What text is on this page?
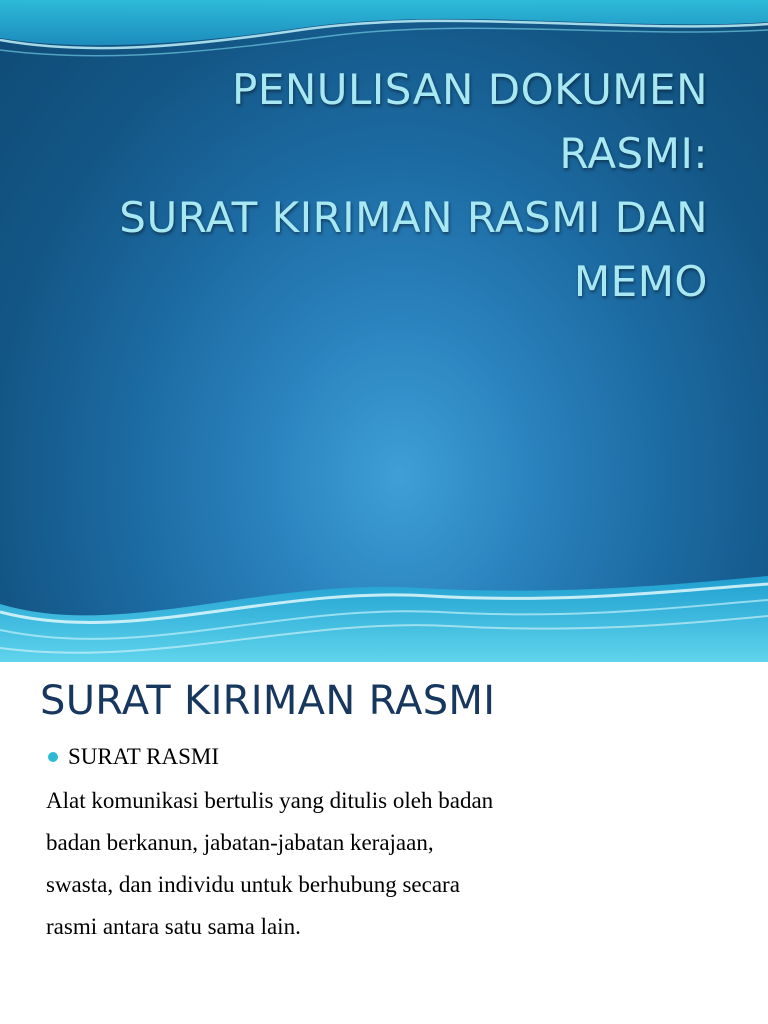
PENULISAN DOKUMEN
RASMI:
SURAT KIRIMAN RASMI DAN
MEMO
SURAT KIRIMAN RASMI
SURAT RASMI

Alat komunikasi bertulis yang ditulis oleh badan
badan berkanun, jabatan-jabatan kerajaan,
swasta, dan individu untuk berhubung secara
rasmi antara satu sama lain.
